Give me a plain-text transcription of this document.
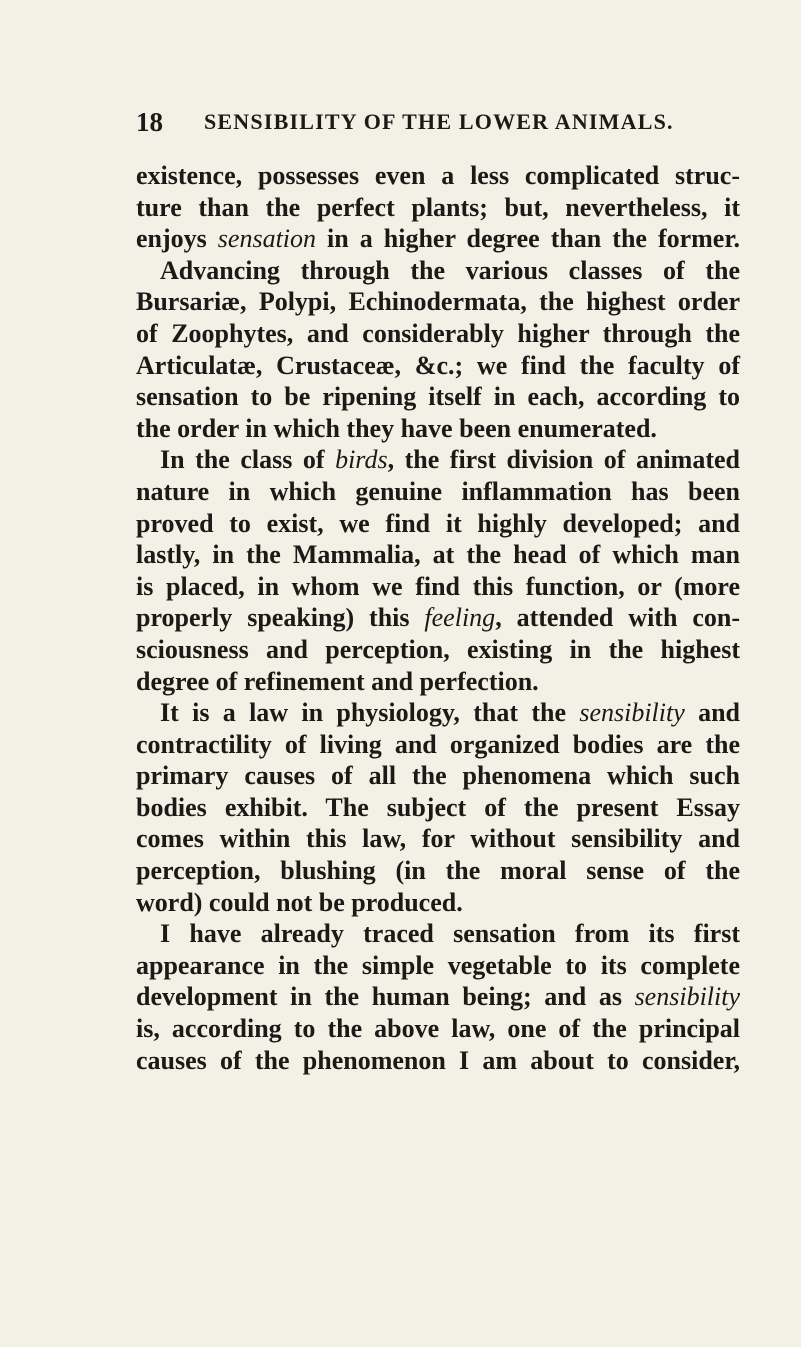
18 SENSIBILITY OF THE LOWER ANIMALS.
existence, possesses even a less complicated struc-
ture than the perfect plants; but, nevertheless, it
enjoys sensation in a higher degree than the former.
Advancing through the various classes of the
Bursariæ, Polypi, Echinodermata, the highest order
of Zoophytes, and considerably higher through the
Articulatæ, Crustaceæ, &c.; we find the faculty of
sensation to be ripening itself in each, according to
the order in which they have been enumerated.
In the class of birds, the first division of animated
nature in which genuine inflammation has been
proved to exist, we find it highly developed; and
lastly, in the Mammalia, at the head of which man
is placed, in whom we find this function, or (more
properly speaking) this feeling, attended with con-
sciousness and perception, existing in the highest
degree of refinement and perfection.
It is a law in physiology, that the sensibility and
contractility of living and organized bodies are the
primary causes of all the phenomena which such
bodies exhibit. The subject of the present Essay
comes within this law, for without sensibility and
perception, blushing (in the moral sense of the
word) could not be produced.
I have already traced sensation from its first
appearance in the simple vegetable to its complete
development in the human being; and as sensibility
is, according to the above law, one of the principal
causes of the phenomenon I am about to consider,
